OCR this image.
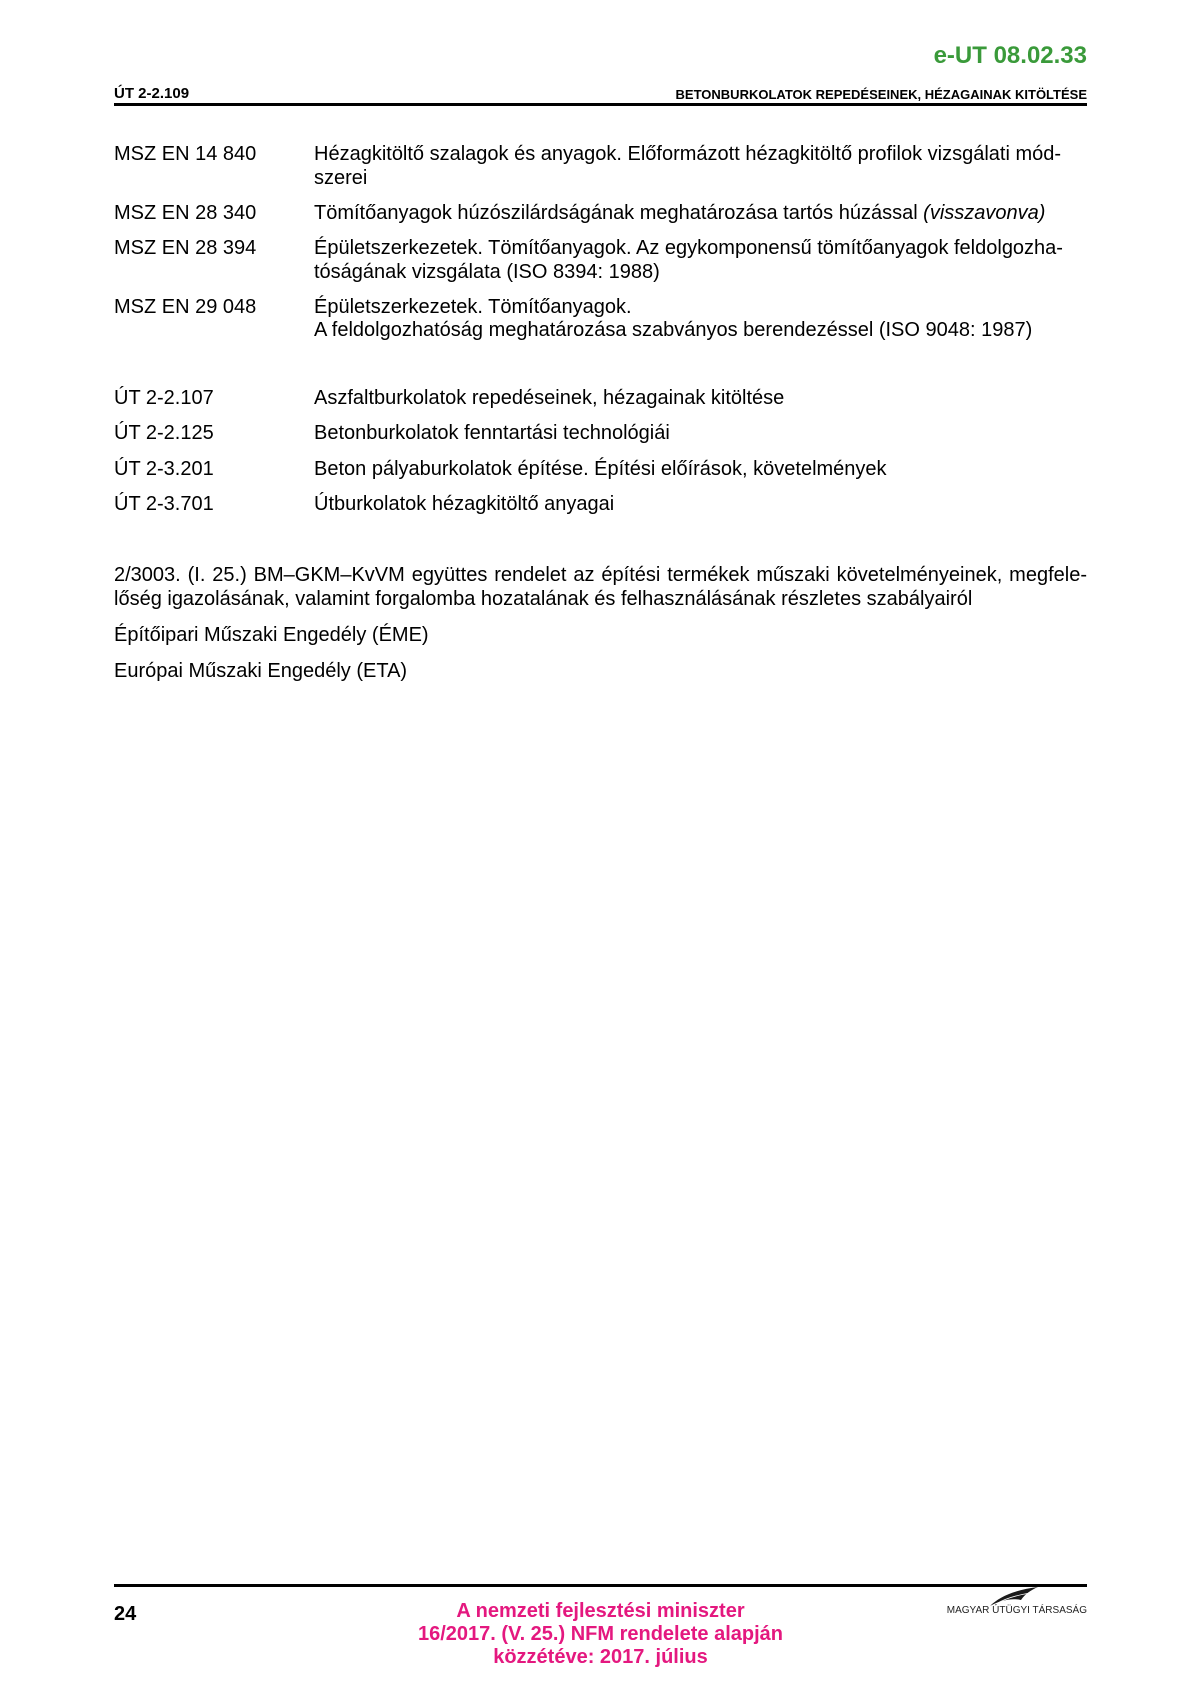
e-UT 08.02.33
ÚT 2-2.109	BETONBURKOLATOK REPEDÉSEINEK, HÉZAGAINAK KITÖLTÉSE
MSZ EN 14 840	Hézagkitöltő szalagok és anyagok. Előformázott hézagkitöltő profilok vizsgálati mód-
szerei
MSZ EN 28 340	Tömítőanyagok húzószilárdságának meghatározása tartós húzással (visszavonva)
MSZ EN 28 394	Épületszerkezetek. Tömítőanyagok. Az egykomponensű tömítőanyagok feldolgozha-
tóságának vizsgálata (ISO 8394: 1988)
MSZ EN 29 048	Épületszerkezetek. Tömítőanyagok.
A feldolgozhatóság meghatározása szabványos berendezéssel (ISO 9048: 1987)
ÚT 2-2.107	Aszfaltburkolatok repedéseinek, hézagainak kitöltése
ÚT 2-2.125	Betonburkolatok fenntartási technológiái
ÚT 2-3.201	Beton pályaburkolatok építése. Építési előírások, követelmények
ÚT 2-3.701	Útburkolatok hézagkitöltő anyagai
2/3003. (I. 25.) BM–GKM–KvVM együttes rendelet az építési termékek műszaki követelményeinek, megfele-
lőség igazolásának, valamint forgalomba hozatalának és felhasználásának részletes szabályairól
Építőipari Műszaki Engedély (ÉME)
Európai Műszaki Engedély (ETA)
24	A nemzeti fejlesztési miniszter
16/2017. (V. 25.) NFM rendelete alapján
közzétéve: 2017. július
MAGYAR ÚTÜGYI TÁRSASÁG
